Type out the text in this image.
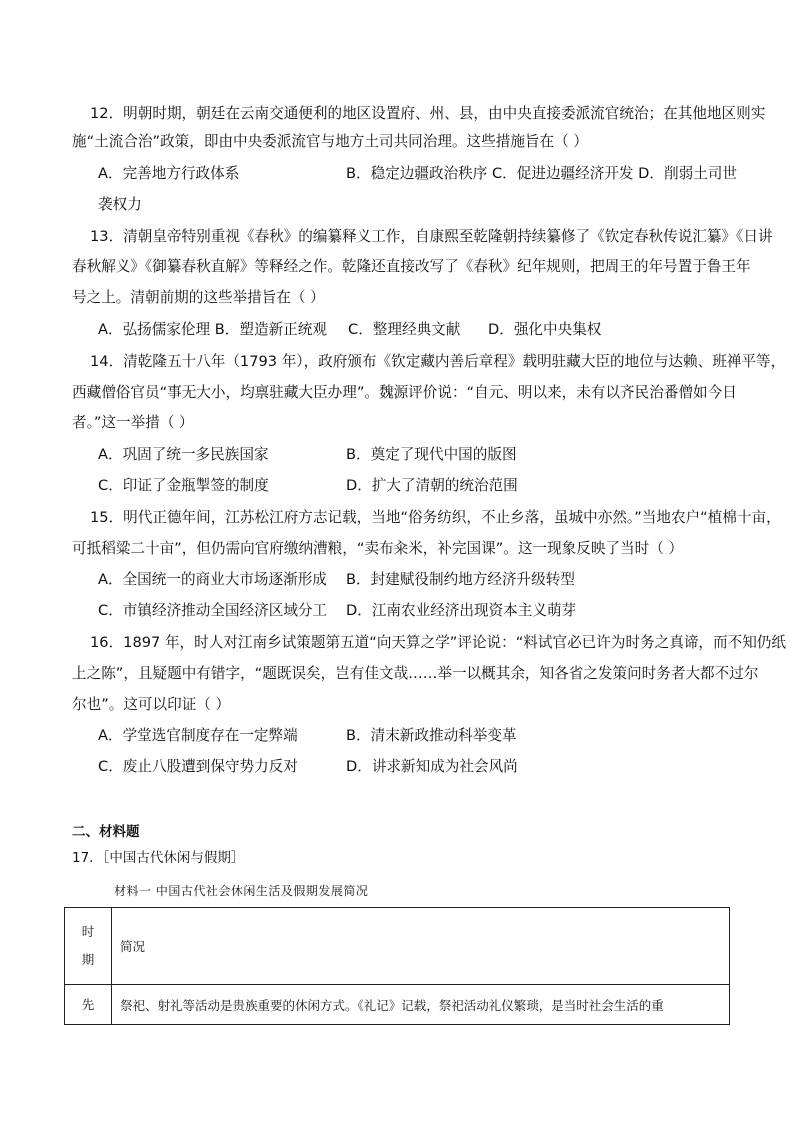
12．明朝时期，朝廷在云南交通便利的地区设置府、州、县，由中央直接委派流官统治；在其他地区则实
施“土流合治”政策，即由中央委派流官与地方土司共同治理。这些措施旨在（ ）
A．完善地方行政体系	B．稳定边疆政治秩序 C．促进边疆经济开发 D．削弱土司世
袭权力
13．清朝皇帝特别重视《春秋》的编纂释义工作，自康熙至乾隆朝持续纂修了《钦定春秋传说汇纂》《日讲
春秋解义》《御纂春秋直解》等释经之作。乾隆还直接改写了《春秋》纪年规则，把周王的年号置于鲁王年
号之上。清朝前期的这些举措旨在（ ）
A．弘扬儒家伦理 B．塑造新正统观 C．整理经典文献 D．强化中央集权
14．清乾隆五十八年（1793 年），政府颁布《钦定藏内善后章程》载明驻藏大臣的地位与达赖、班禅平等，
西藏僧俗官员“事无大小，均禀驻藏大臣办理”。魏源评价说：“自元、明以来，未有以齐民治番僧如今日
者。”这一举措（ ）
A．巩固了统一多民族国家	B．奠定了现代中国的版图
C．印证了金瓶掣签的制度	D．扩大了清朝的统治范围
15．明代正德年间，江苏松江府方志记载，当地“俗务纺织，不止乡落，虽城中亦然。”当地农户“植棉十亩，
可抵稻粱二十亩”，但仍需向官府缴纳漕粮，“卖布籴米，补完国课”。这一现象反映了当时（ ）
A．全国统一的商业大市场逐渐形成 B．封建赋役制约地方经济升级转型
C．市镇经济推动全国经济区域分工 D．江南农业经济出现资本主义萌芽
16．1897 年，时人对江南乡试策题第五道“向天算之学”评论说：“料试官必已许为时务之真谛，而不知仍纸
上之陈”，且疑题中有错字，“题既误矣，岂有佳文哉……举一以概其余，知各省之发策问时务者大都不过尔
尔也”。这可以印证（ ）
A．学堂选官制度存在一定弊端	B．清末新政推动科举变革
C．废止八股遭到保守势力反对	D．讲求新知成为社会风尚
二、材料题
17．［中国古代休闲与假期］
材料一 中国古代社会休闲生活及假期发展简况
时期	简况
先	祭祀、射礼等活动是贵族重要的休闲方式。《礼记》记载，祭祀活动礼仪繁琐，是当时社会生活的重
